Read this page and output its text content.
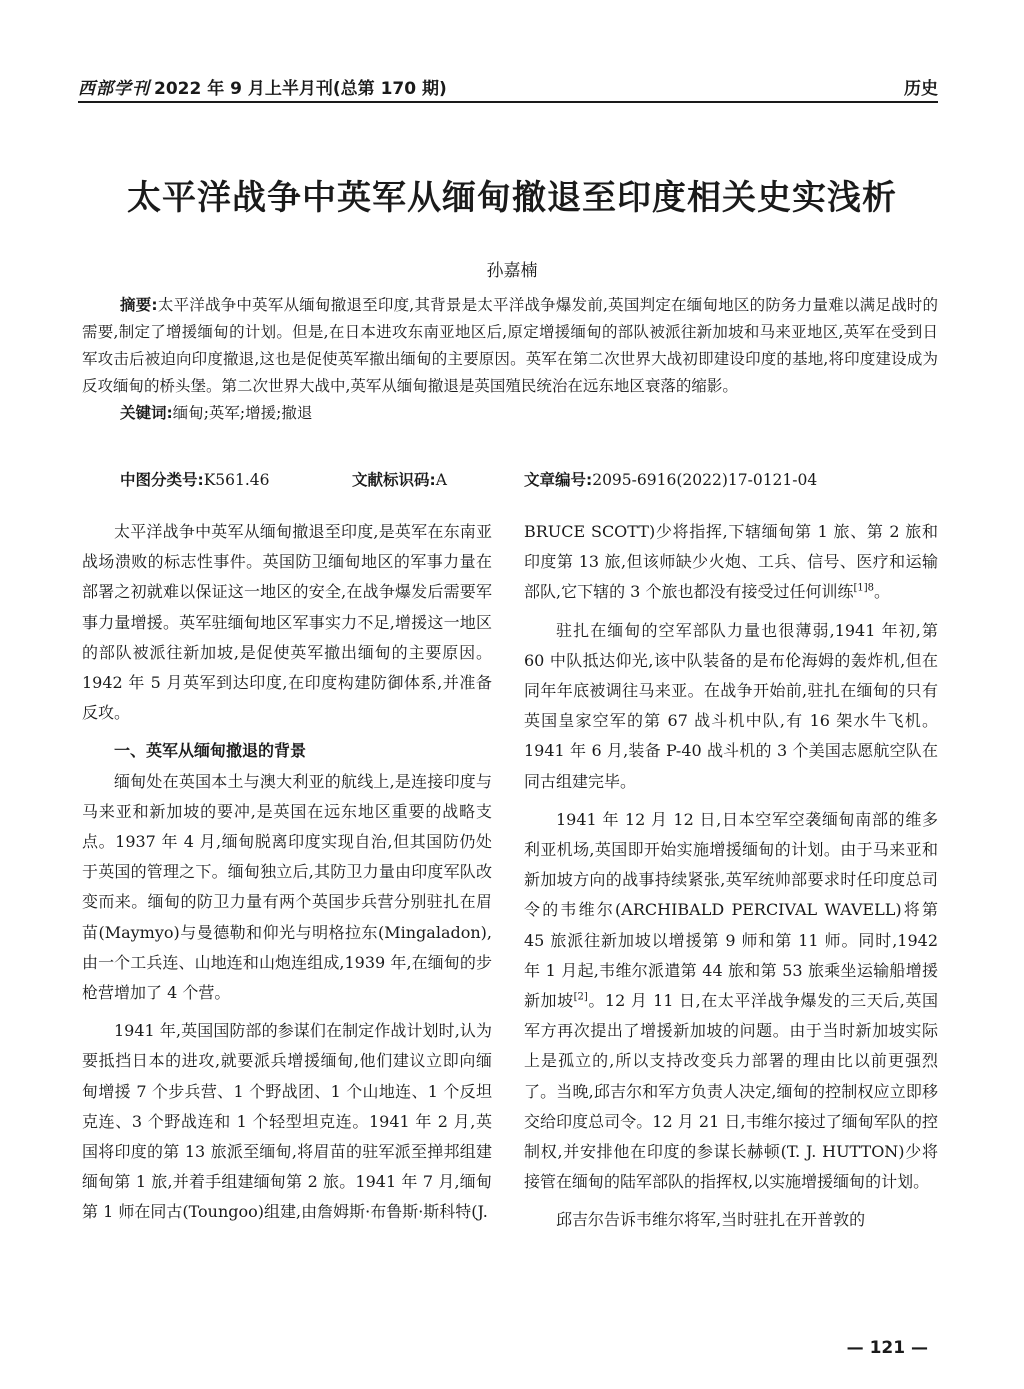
西部学刊 2022 年 9 月上半月刊(总第 170 期)	历史
太平洋战争中英军从缅甸撤退至印度相关史实浅析
孙嘉楠
摘要:太平洋战争中英军从缅甸撤退至印度,其背景是太平洋战争爆发前,英国判定在缅甸地区的防务力量难以满足战时的需要,制定了增援缅甸的计划。但是,在日本进攻东南亚地区后,原定增援缅甸的部队被派往新加坡和马来亚地区,英军在受到日军攻击后被迫向印度撤退,这也是促使英军撤出缅甸的主要原因。英军在第二次世界大战初即建设印度的基地,将印度建设成为反攻缅甸的桥头堡。第二次世界大战中,英军从缅甸撤退是英国殖民统治在远东地区衰落的缩影。
关键词:缅甸;英军;增援;撤退
中图分类号:K561.46	文献标识码:A	文章编号:2095-6916(2022)17-0121-04

太平洋战争中英军从缅甸撤退至印度,是英军在东南亚战场溃败的标志性事件。英国防卫缅甸地区的军事力量在部署之初就难以保证这一地区的安全,在战争爆发后需要军事力量增援。英军驻缅甸地区军事实力不足,增援这一地区的部队被派往新加坡,是促使英军撤出缅甸的主要原因。1942 年 5 月英军到达印度,在印度构建防御体系,并准备反攻。

一、英军从缅甸撤退的背景

缅甸处在英国本土与澳大利亚的航线上,是连接印度与马来亚和新加坡的要冲,是英国在远东地区重要的战略支点。1937 年 4 月,缅甸脱离印度实现自治,但其国防仍处于英国的管理之下。缅甸独立后,其防卫力量由印度军队改变而来。缅甸的防卫力量有两个英国步兵营分别驻扎在眉苗(Maymyo)与曼德勒和仰光与明格拉东(Mingaladon),由一个工兵连、山地连和山炮连组成,1939 年,在缅甸的步枪营增加了 4 个营。

1941 年,英国国防部的参谋们在制定作战计划时,认为要抵挡日本的进攻,就要派兵增援缅甸,他们建议立即向缅甸增援 7 个步兵营、1 个野战团、1 个山地连、1 个反坦克连、3 个野战连和 1 个轻型坦克连。1941 年 2 月,英国将印度的第 13 旅派至缅甸,将眉苗的驻军派至掸邦组建缅甸第 1 旅,并着手组建缅甸第 2 旅。1941 年 7 月,缅甸第 1 师在同古(Toungoo)组建,由詹姆斯·布鲁斯·斯科特(J.

BRUCE SCOTT)少将指挥,下辖缅甸第 1 旅、第 2 旅和印度第 13 旅,但该师缺少火炮、工兵、信号、医疗和运输部队,它下辖的 3 个旅也都没有接受过任何训练$^{[1]8}$。

驻扎在缅甸的空军部队力量也很薄弱,1941 年初,第 60 中队抵达仰光,该中队装备的是布伦海姆的轰炸机,但在同年年底被调往马来亚。在战争开始前,驻扎在缅甸的只有英国皇家空军的第 67 战斗机中队,有 16 架水牛飞机。1941 年 6 月,装备 P-40 战斗机的 3 个美国志愿航空队在同古组建完毕。

1941 年 12 月 12 日,日本空军空袭缅甸南部的维多利亚机场,英国即开始实施增援缅甸的计划。由于马来亚和新加坡方向的战事持续紧张,英军统帅部要求时任印度总司令的韦维尔(ARCHIBALD PERCIVAL WAVELL)将第 45 旅派往新加坡以增援第 9 师和第 11 师。同时,1942 年 1 月起,韦维尔派遣第 44 旅和第 53 旅乘坐运输船增援新加坡[2]。12 月 11 日,在太平洋战争爆发的三天后,英国军方再次提出了增援新加坡的问题。由于当时新加坡实际上是孤立的,所以支持改变兵力部署的理由比以前更强烈了。当晚,邱吉尔和军方负责人决定,缅甸的控制权应立即移交给印度总司令。12 月 21 日,韦维尔接过了缅甸军队的控制权,并安排他在印度的参谋长赫顿(T. J. HUTTON)少将接管在缅甸的陆军部队的指挥权,以实施增援缅甸的计划。

邱吉尔告诉韦维尔将军,当时驻扎在开普敦的

— 121 —
